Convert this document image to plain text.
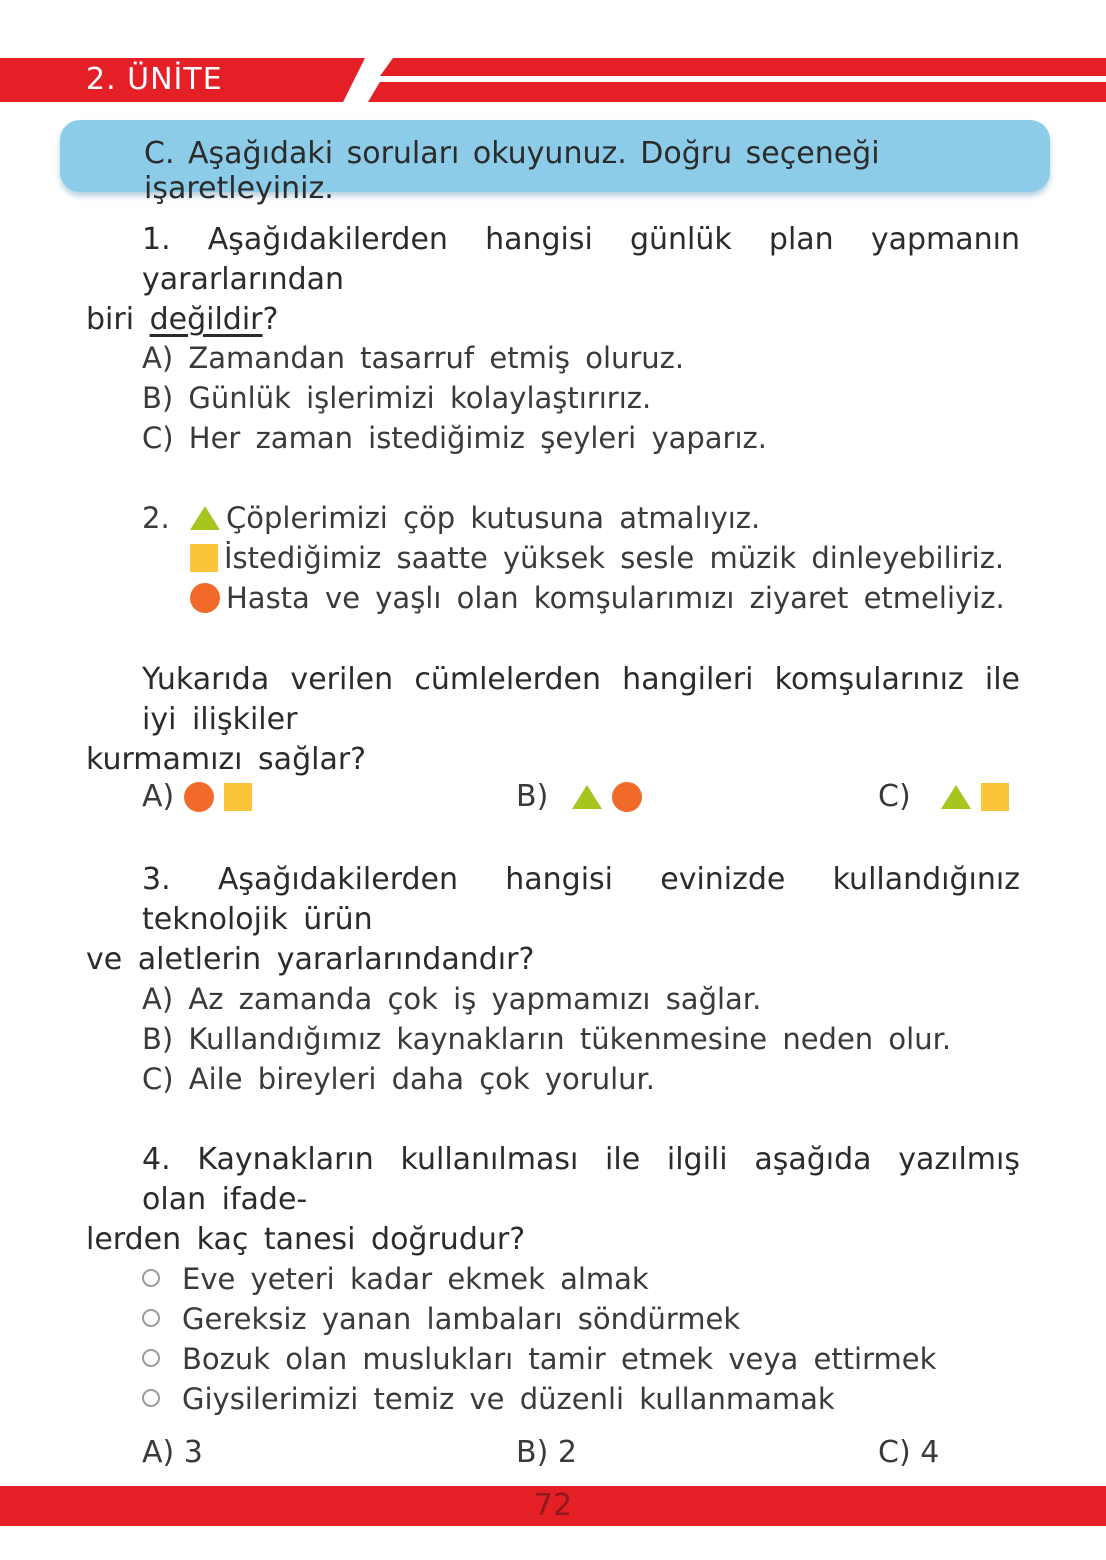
2. ÜNİTE
C. Aşağıdaki soruları okuyunuz. Doğru seçeneği işaretleyiniz.
1. Aşağıdakilerden hangisi günlük plan yapmanın yararlarından
biri değildir?
A) Zamandan tasarruf etmiş oluruz.
B) Günlük işlerimizi kolaylaştırırız.
C) Her zaman istediğimiz şeyleri yaparız.
2. Çöplerimizi çöp kutusuna atmalıyız.
İstediğimiz saatte yüksek sesle müzik dinleyebiliriz.
Hasta ve yaşlı olan komşularımızı ziyaret etmeliyiz.
Yukarıda verilen cümlelerden hangileri komşularınız ile iyi ilişkiler
kurmamızı sağlar?
A)	B)	C)
3. Aşağıdakilerden hangisi evinizde kullandığınız teknolojik ürün
ve aletlerin yararlarındandır?
A) Az zamanda çok iş yapmamızı sağlar.
B) Kullandığımız kaynakların tükenmesine neden olur.
C) Aile bireyleri daha çok yorulur.
4. Kaynakların kullanılması ile ilgili aşağıda yazılmış olan ifade-
lerden kaç tanesi doğrudur?
Eve yeteri kadar ekmek almak
Gereksiz yanan lambaları söndürmek
Bozuk olan muslukları tamir etmek veya ettirmek
Giysilerimizi temiz ve düzenli kullanmamak
A) 3	B) 2	C) 4
72
